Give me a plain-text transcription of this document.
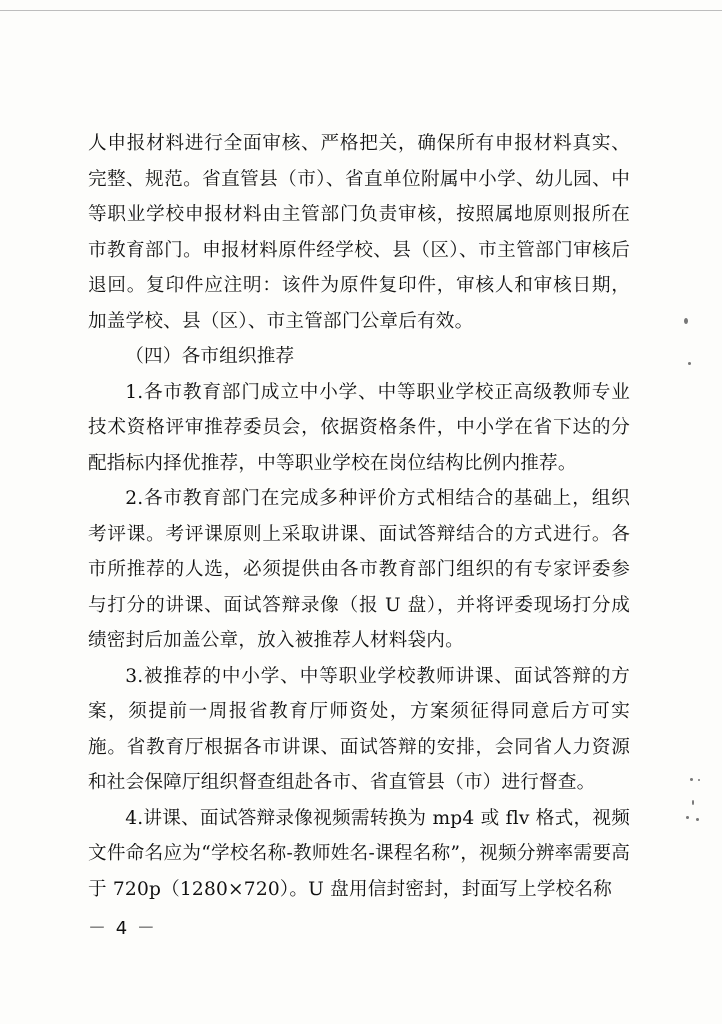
人申报材料进行全面审核、严格把关，确保所有申报材料真实、完整、规范。省直管县（市）、省直单位附属中小学、幼儿园、中等职业学校申报材料由主管部门负责审核，按照属地原则报所在市教育部门。申报材料原件经学校、县（区）、市主管部门审核后退回。复印件应注明：该件为原件复印件，审核人和审核日期，加盖学校、县（区）、市主管部门公章后有效。

（四）各市组织推荐

1.各市教育部门成立中小学、中等职业学校正高级教师专业技术资格评审推荐委员会，依据资格条件，中小学在省下达的分配指标内择优推荐，中等职业学校在岗位结构比例内推荐。

2.各市教育部门在完成多种评价方式相结合的基础上，组织考评课。考评课原则上采取讲课、面试答辩结合的方式进行。各市所推荐的人选，必须提供由各市教育部门组织的有专家评委参与打分的讲课、面试答辩录像（报 U 盘），并将评委现场打分成绩密封后加盖公章，放入被推荐人材料袋内。

3.被推荐的中小学、中等职业学校教师讲课、面试答辩的方案，须提前一周报省教育厅师资处，方案须征得同意后方可实施。省教育厅根据各市讲课、面试答辩的安排，会同省人力资源和社会保障厅组织督查组赴各市、省直管县（市）进行督查。

4.讲课、面试答辩录像视频需转换为 mp4 或 flv 格式，视频文件命名应为“学校名称-教师姓名-课程名称”，视频分辨率需要高于 720p（1280×720）。U 盘用信封密封，封面写上学校名称

－ 4 －
